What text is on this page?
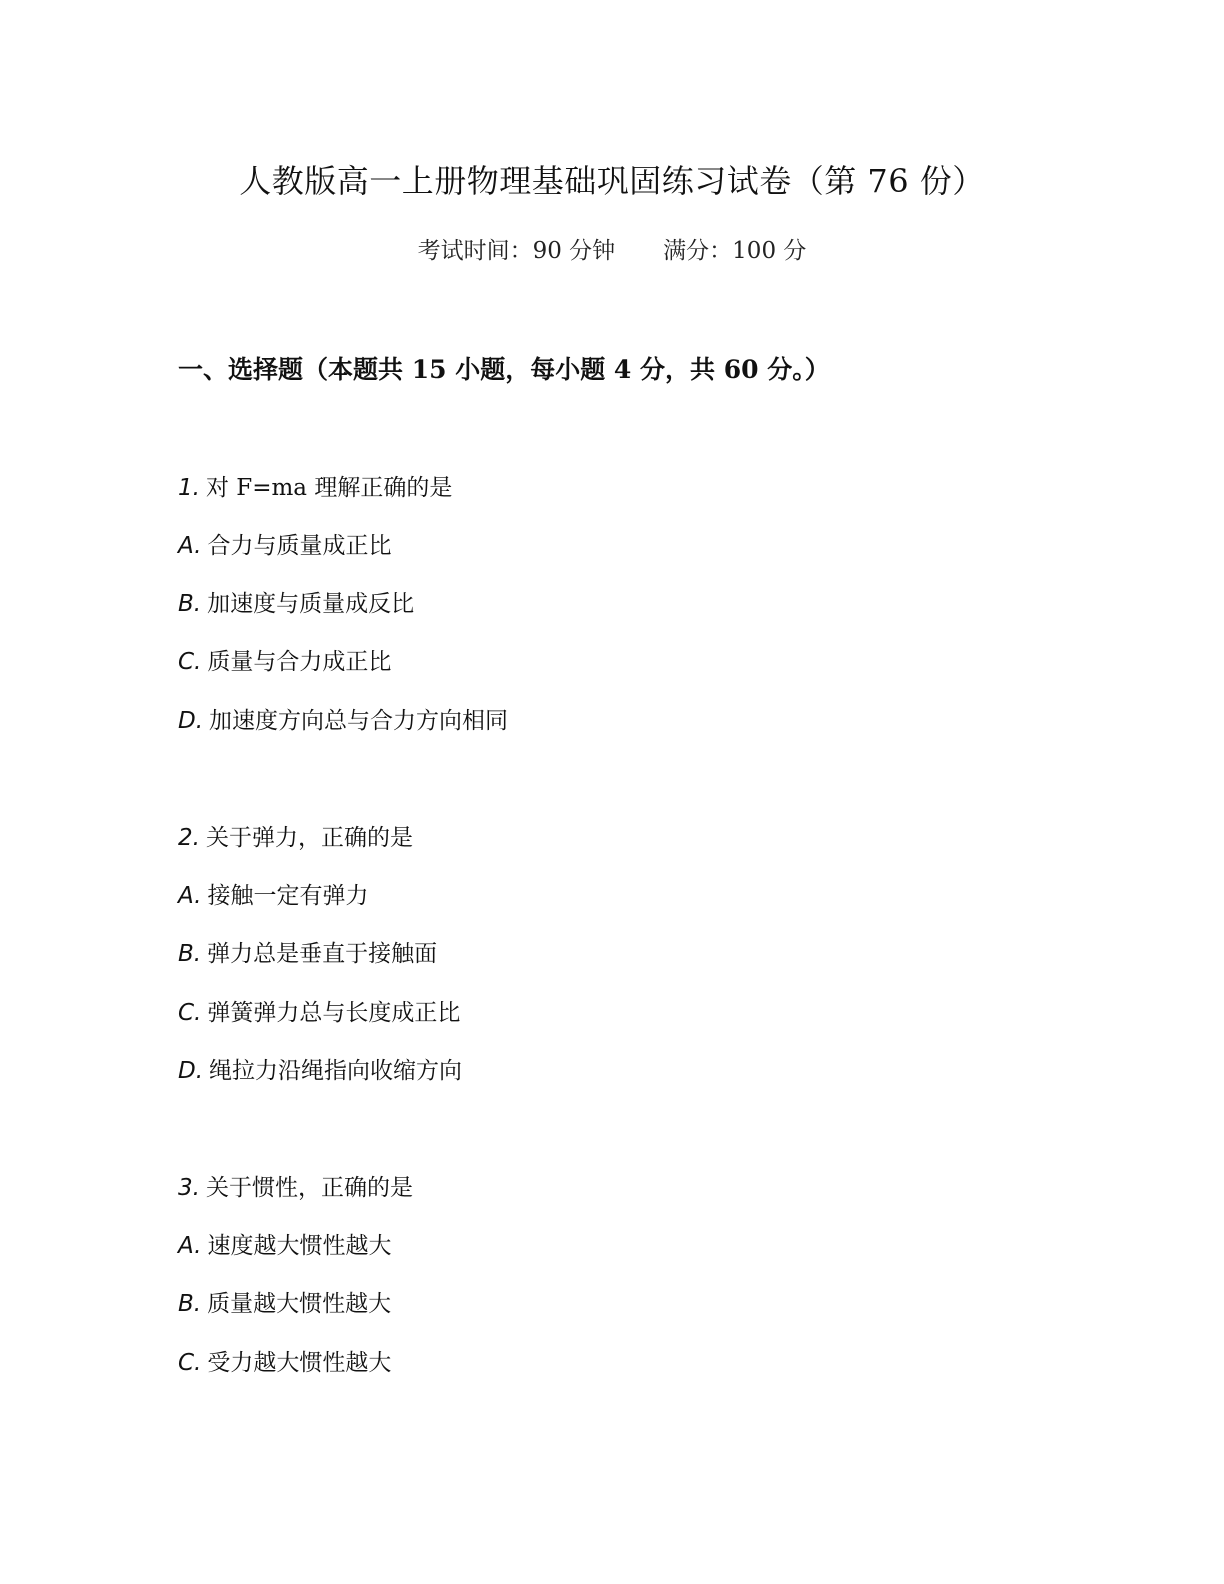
人教版高一上册物理基础巩固练习试卷（第 76 份）
考试时间：90 分钟 满分：100 分
一、选择题（本题共 15 小题，每小题 4 分，共 60 分。）
1. 对 F=ma 理解正确的是
A. 合力与质量成正比
B. 加速度与质量成反比
C. 质量与合力成正比
D. 加速度方向总与合力方向相同
2. 关于弹力，正确的是
A. 接触一定有弹力
B. 弹力总是垂直于接触面
C. 弹簧弹力总与长度成正比
D. 绳拉力沿绳指向收缩方向
3. 关于惯性，正确的是
A. 速度越大惯性越大
B. 质量越大惯性越大
C. 受力越大惯性越大
